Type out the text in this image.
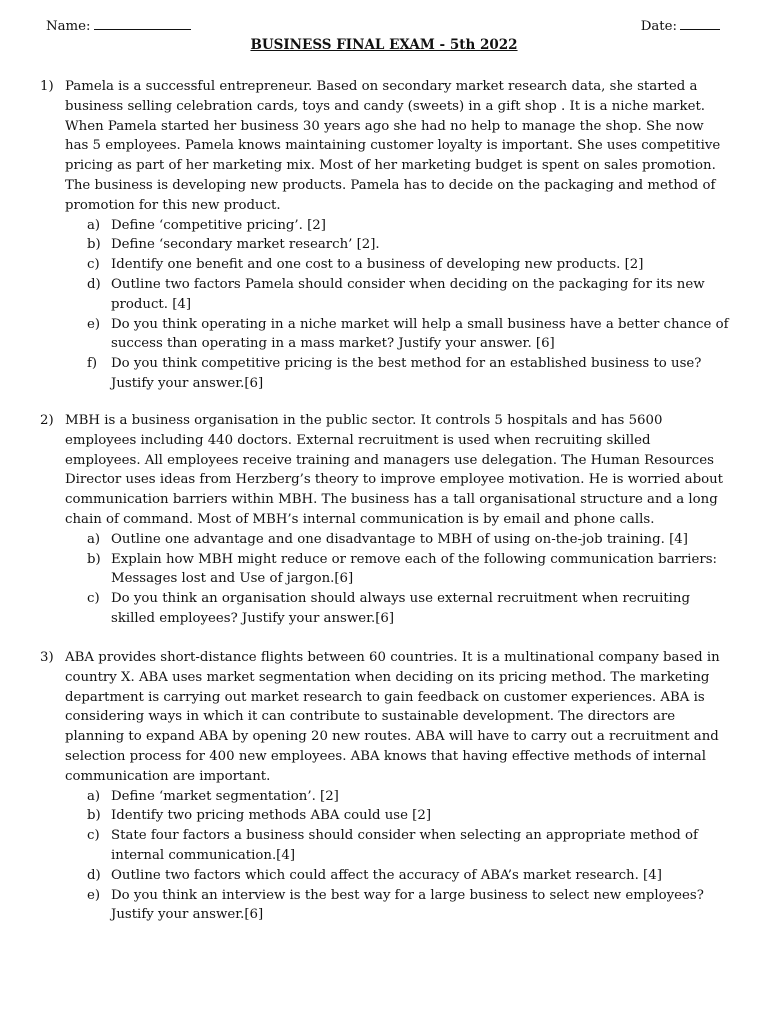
Name:	Date:
BUSINESS FINAL EXAM - 5th 2022
1) Pamela is a successful entrepreneur. Based on secondary market research data, she started a business selling celebration cards, toys and candy (sweets) in a gift shop . It is a niche market. When Pamela started her business 30 years ago she had no help to manage the shop. She now has 5 employees. Pamela knows maintaining customer loyalty is important. She uses competitive pricing as part of her marketing mix. Most of her marketing budget is spent on sales promotion. The business is developing new products. Pamela has to decide on the packaging and method of promotion for this new product.

a) Define ‘competitive pricing’. [2]
b) Define ‘secondary market research’ [2].
c) Identify one benefit and one cost to a business of developing new products. [2]
d) Outline two factors Pamela should consider when deciding on the packaging for its new product. [4]
e) Do you think operating in a niche market will help a small business have a better chance of success than operating in a mass market? Justify your answer. [6]
f) Do you think competitive pricing is the best method for an established business to use? Justify your answer.[6]
2) MBH is a business organisation in the public sector. It controls 5 hospitals and has 5600 employees including 440 doctors. External recruitment is used when recruiting skilled employees. All employees receive training and managers use delegation. The Human Resources Director uses ideas from Herzberg’s theory to improve employee motivation. He is worried about communication barriers within MBH. The business has a tall organisational structure and a long chain of command. Most of MBH’s internal communication is by email and phone calls.

a) Outline one advantage and one disadvantage to MBH of using on-the-job training. [4]
b) Explain how MBH might reduce or remove each of the following communication barriers: Messages lost and Use of jargon.[6]
c) Do you think an organisation should always use external recruitment when recruiting skilled employees? Justify your answer.[6]
3) ABA provides short-distance flights between 60 countries. It is a multinational company based in country X. ABA uses market segmentation when deciding on its pricing method. The marketing department is carrying out market research to gain feedback on customer experiences. ABA is considering ways in which it can contribute to sustainable development. The directors are planning to expand ABA by opening 20 new routes. ABA will have to carry out a recruitment and selection process for 400 new employees. ABA knows that having effective methods of internal communication are important.

a) Define ‘market segmentation’. [2]
b) Identify two pricing methods ABA could use [2]
c) State four factors a business should consider when selecting an appropriate method of internal communication.[4]
d) Outline two factors which could affect the accuracy of ABA’s market research. [4]
e) Do you think an interview is the best way for a large business to select new employees? Justify your answer.[6]
